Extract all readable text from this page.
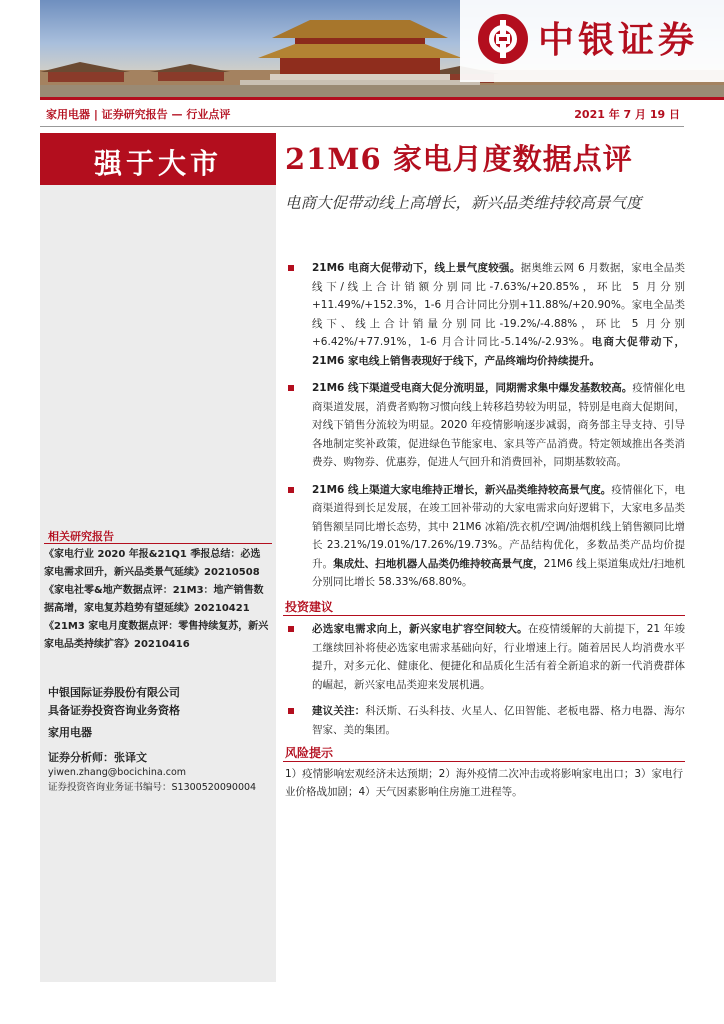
中银证券
家用电器 | 证券研究报告 — 行业点评	2021 年 7 月 19 日
强于大市
相关研究报告
《家电行业 2020 年报&21Q1 季报总结：必选家电需求回升，新兴品类景气延续》20210508
《家电社零&地产数据点评：21M3：地产销售数据高增，家电复苏趋势有望延续》20210421
《21M3 家电月度数据点评：零售持续复苏，新兴家电品类持续扩容》20210416
中银国际证券股份有限公司
具备证券投资咨询业务资格
家用电器
证券分析师：张译文
yiwen.zhang@bocichina.com
证券投资咨询业务证书编号：S1300520090004
21M6 家电月度数据点评
电商大促带动线上高增长，新兴品类维持较高景气度
21M6 电商大促带动下，线上景气度较强。据奥维云网 6 月数据，家电全品类线下/线上合计销额分别同比-7.63%/+20.85%，环比 5 月分别+11.49%/+152.3%，1-6 月合计同比分别+11.88%/+20.90%。家电全品类线下、线上合计销量分别同比-19.2%/-4.88%，环比 5 月分别+6.42%/+77.91%，1-6 月合计同比-5.14%/-2.93%。电商大促带动下，21M6 家电线上销售表现好于线下，产品终端均价持续提升。
21M6 线下渠道受电商大促分流明显，同期需求集中爆发基数较高。疫情催化电商渠道发展，消费者购物习惯向线上转移趋势较为明显，特别是电商大促期间，对线下销售分流较为明显。2020 年疫情影响逐步减弱，商务部主导支持、引导各地制定奖补政策，促进绿色节能家电、家具等产品消费。特定领域推出各类消费券、购物券、优惠券，促进人气回升和消费回补，同期基数较高。
21M6 线上渠道大家电维持正增长，新兴品类维持较高景气度。疫情催化下，电商渠道得到长足发展，在竣工回补带动的大家电需求向好逻辑下，大家电多品类销售额呈同比增长态势，其中 21M6 冰箱/洗衣机/空调/油烟机线上销售额同比增长 23.21%/19.01%/17.26%/19.73%。产品结构优化，多数品类产品均价提升。集成灶、扫地机器人品类仍维持较高景气度，21M6 线上渠道集成灶/扫地机分别同比增长 58.33%/68.80%。
投资建议
必选家电需求向上，新兴家电扩容空间较大。在疫情缓解的大前提下，21 年竣工继续回补将使必选家电需求基础向好，行业增速上行。随着居民人均消费水平提升，对多元化、健康化、便捷化和品质化生活有着全新追求的新一代消费群体的崛起，新兴家电品类迎来发展机遇。
建议关注：科沃斯、石头科技、火星人、亿田智能、老板电器、格力电器、海尔智家、美的集团。
风险提示
1）疫情影响宏观经济未达预期；2）海外疫情二次冲击或将影响家电出口；3）家电行业价格战加剧；4）天气因素影响住房施工进程等。
